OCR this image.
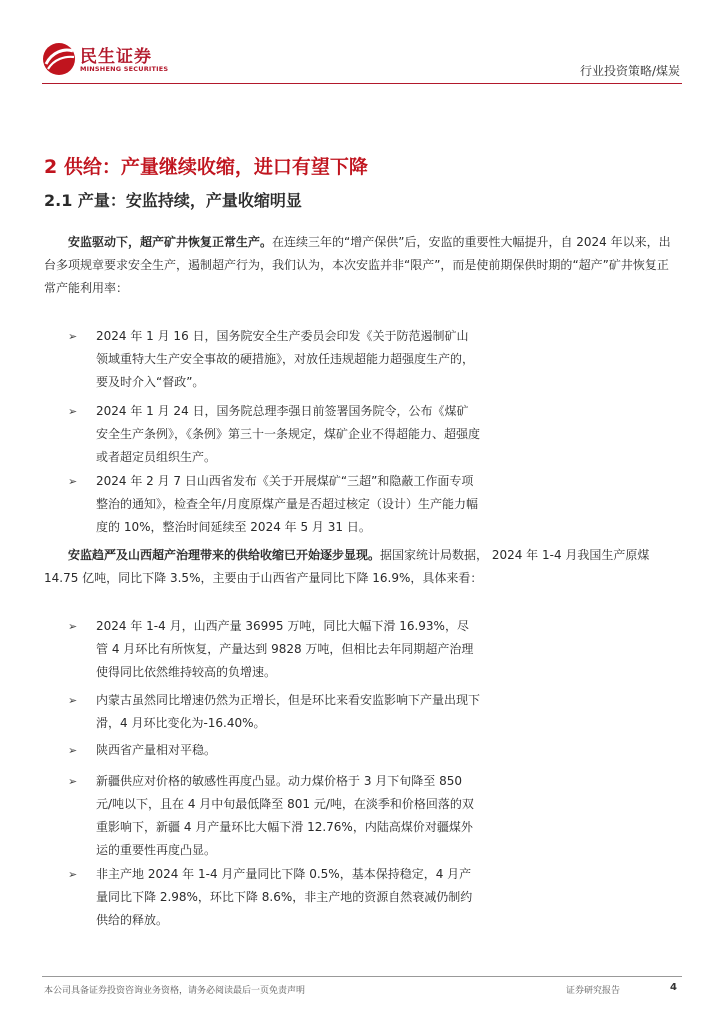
民生证券
MINSHENG SECURITIES	行业投资策略/煤炭
2 供给：产量继续收缩，进口有望下降
2.1 产量：安监持续，产量收缩明显

安监驱动下，超产矿井恢复正常生产。在连续三年的“增产保供”后，安监的重要性大幅提升，自 2024 年以来，出台多项规章要求安全生产，遏制超产行为，我们认为，本次安监并非“限产”，而是使前期保供时期的“超产”矿井恢复正常产能利用率：

➢ 2024 年 1 月 16 日，国务院安全生产委员会印发《关于防范遏制矿山领域重特大生产安全事故的硬措施》，对放任违规超能力超强度生产的，要及时介入“督政”。
➢ 2024 年 1 月 24 日，国务院总理李强日前签署国务院令，公布《煤矿安全生产条例》，《条例》第三十一条规定，煤矿企业不得超能力、超强度或者超定员组织生产。
➢ 2024 年 2 月 7 日山西省发布《关于开展煤矿“三超”和隐蔽工作面专项整治的通知》，检查全年/月度原煤产量是否超过核定（设计）生产能力幅度的 10%，整治时间延续至 2024 年 5 月 31 日。

安监趋严及山西超产治理带来的供给收缩已开始逐步显现。据国家统计局数据， 2024 年 1-4 月我国生产原煤 14.75 亿吨，同比下降 3.5%，主要由于山西省产量同比下降 16.9%，具体来看：

➢ 2024 年 1-4 月，山西产量 36995 万吨，同比大幅下滑 16.93%，尽管 4 月环比有所恢复，产量达到 9828 万吨，但相比去年同期超产治理使得同比依然维持较高的负增速。
➢ 内蒙古虽然同比增速仍然为正增长，但是环比来看安监影响下产量出现下滑，4 月环比变化为-16.40%。
➢ 陕西省产量相对平稳。
➢ 新疆供应对价格的敏感性再度凸显。动力煤价格于 3 月下旬降至 850 元/吨以下，且在 4 月中旬最低降至 801 元/吨，在淡季和价格回落的双重影响下，新疆 4 月产量环比大幅下滑 12.76%，内陆高煤价对疆煤外运的重要性再度凸显。
➢ 非主产地 2024 年 1-4 月产量同比下降 0.5%，基本保持稳定，4 月产量同比下降 2.98%，环比下降 8.6%，非主产地的资源自然衰减仍制约供给的释放。
本公司具备证券投资咨询业务资格，请务必阅读最后一页免责声明	证券研究报告	4
